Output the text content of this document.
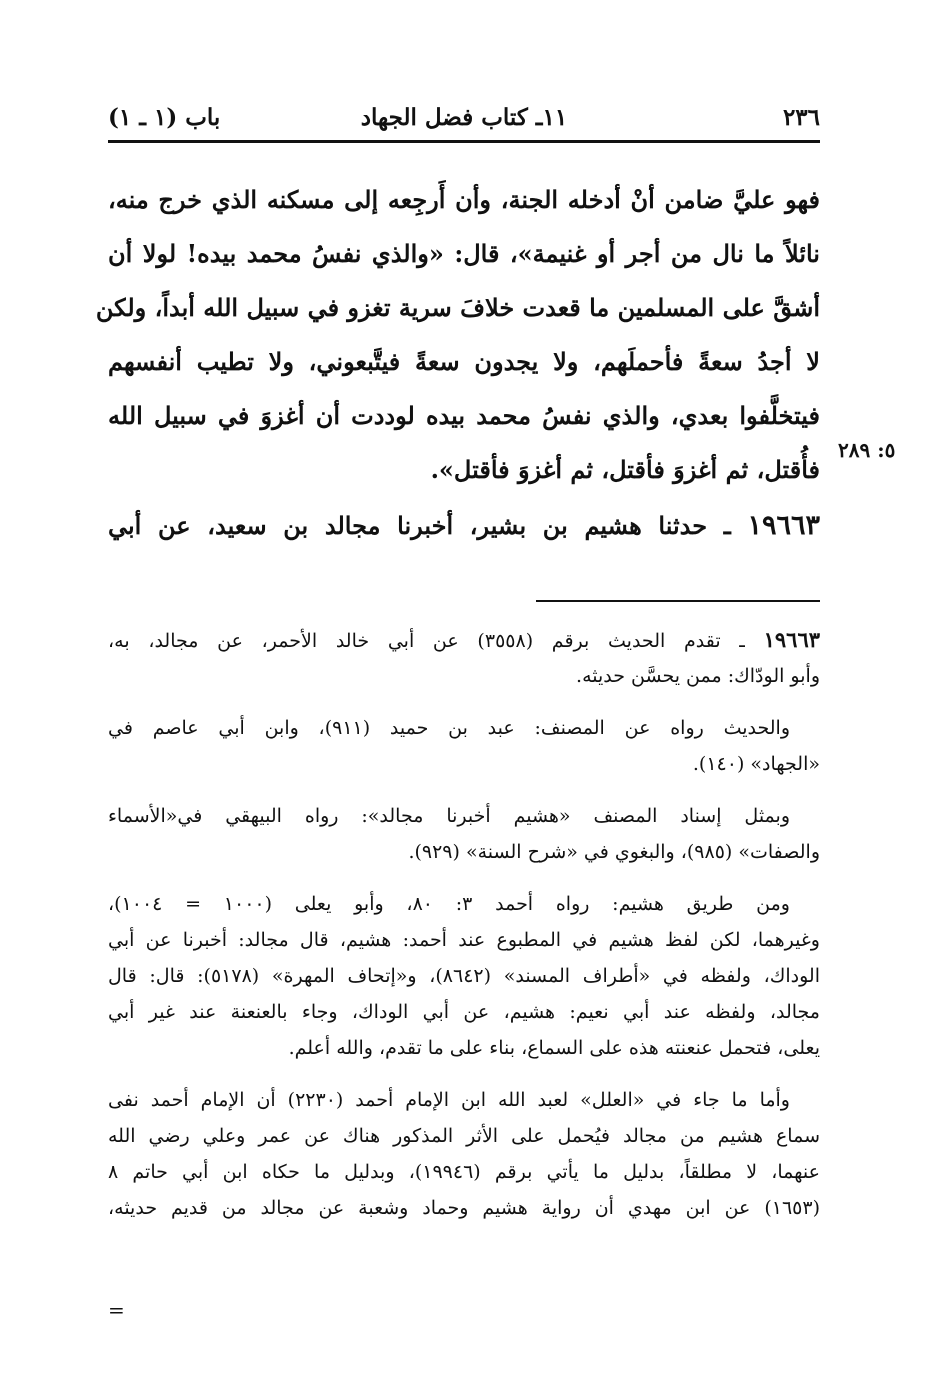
٢٣٦
١١ـ كتاب فضل الجهاد
باب (١ ـ ١)
فهو عليَّ ضامن أنْ أدخله الجنة، وأن أَرجِعه إلى مسكنه الذي خرج منه،
نائلاً ما نال من أجر أو غنيمة»، قال: «والذي نفسُ محمد بيده! لولا أن
أشقَّ على المسلمين ما قعدت خلافَ سرية تغزو في سبيل الله أبداً، ولكن
لا أجدُ سعةً فأحملَهم، ولا يجدون سعةً فيتَّبعوني، ولا تطيب أنفسهم
فيتخلَّفوا بعدي، والذي نفسُ محمد بيده لوددت أن أغزوَ في سبيل الله
فأُقتل، ثم أغزوَ فأقتل، ثم أغزوَ فأقتل».
٥: ٢٨٩
١٩٦٦٣ ـ حدثنا هشيم بن بشير، أخبرنا مجالد بن سعيد، عن أبي
١٩٦٦٣ ـ تقدم الحديث برقم (٣٥٥٨) عن أبي خالد الأحمر، عن مجالد، به،
وأبو الودّاك: ممن يحسَّن حديثه.
والحديث رواه عن المصنف: عبد بن حميد (٩١١)، وابن أبي عاصم في
«الجهاد» (١٤٠).
وبمثل إسناد المصنف «هشيم أخبرنا مجالد»: رواه البيهقي في«الأسماء
والصفات» (٩٨٥)، والبغوي في «شرح السنة» (٩٢٩).
ومن طريق هشيم: رواه أحمد ٣: ٨٠، وأبو يعلى (١٠٠٠ = ١٠٠٤)،
وغيرهما، لكن لفظ هشيم في المطبوع عند أحمد: هشيم، قال مجالد: أخبرنا عن أبي
الوداك، ولفظه في «أطراف المسند» (٨٦٤٢)، و«إتحاف المهرة» (٥١٧٨): قال: قال
مجالد، ولفظه عند أبي نعيم: هشيم، عن أبي الوداك، وجاء بالعنعنة عند غير أبي
يعلى، فتحمل عنعنته هذه على السماع، بناء على ما تقدم، والله أعلم.
وأما ما جاء في «العلل» لعبد الله ابن الإمام أحمد (٢٢٣٠) أن الإمام أحمد نفى
سماع هشيم من مجالد فيُحمل على الأثر المذكور هناك عن عمر وعلي رضي الله
عنهما، لا مطلقاً، بدليل ما يأتي برقم (١٩٩٤٦)، وبدليل ما حكاه ابن أبي حاتم ٨
(١٦٥٣) عن ابن مهدي أن رواية هشيم وحماد وشعبة عن مجالد من قديم حديثه،
=
